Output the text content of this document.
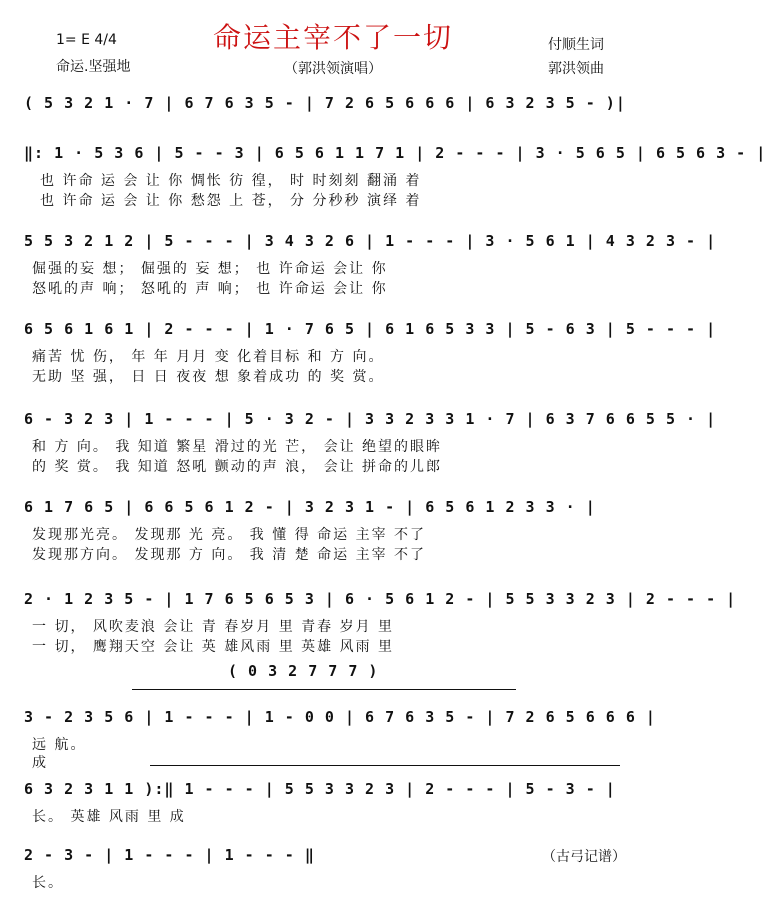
命运主宰不了一切
1= E 4/4
命运.坚强地	（郭洪领演唱）
付顺生词
郭洪领曲
( 5 3 2 1 · 7 | 6 7 6 3 5 - | 7 2 6 5 6 6 6 | 6 3 2 3 5 - )|
‖: 1 · 5 3 6 | 5 - - 3 | 6 5 6 1 1 7 1 | 2 - - - | 3 · 5 6 5 | 6 5 6 3 - |
也 许命 运 会 让 你 惆怅 彷 徨， 时 时刻刻 翻涌 着
也 许命 运 会 让 你 愁怨 上 苍， 分 分秒秒 演绎 着
5 5 3 2 1 2 | 5 - - - | 3 4 3 2 6 | 1 - - - | 3 · 5 6 1 | 4 3 2 3 - |
倔强的妄 想； 倔强的 妄 想； 也 许命运 会让 你
怒吼的声 响； 怒吼的 声 响； 也 许命运 会让 你
6 5 6 1 6 1 | 2 - - - | 1 · 7 6 5 | 6 1 6 5 3 3 | 5 - 6 3 | 5 - - - |
痛苦 忧 伤， 年 年 月月 变 化着目标 和 方 向。
无助 坚 强， 日 日 夜夜 想 象着成功 的 奖 赏。
6 - 3 2 3 | 1 - - - | 5 · 3 2 - | 3 3 2 3 3 1 · 7 | 6 3 7 6 6 5 5 · |
和 方 向。 我 知道 繁星 滑过的光 芒， 会让 绝望的眼眸
的 奖 赏。 我 知道 怒吼 颤动的声 浪， 会让 拼命的儿郎
6 1 7 6 5 | 6 6 5 6 1 2 - | 3 2 3 1 - | 6 5 6 1 2 3 3 · |
发现那光亮。 发现那 光 亮。 我 懂 得 命运 主宰 不了
发现那方向。 发现那 方 向。 我 清 楚 命运 主宰 不了
2 · 1 2 3 5 - | 1 7 6 5 6 5 3 | 6 · 5 6 1 2 - | 5 5 3 3 2 3 | 2 - - - |
一 切， 风吹麦浪 会让 青 春岁月 里 青春 岁月 里
一 切， 鹰翔天空 会让 英 雄风雨 里 英雄 风雨 里
( 0 3 2 7 7 7 )
3 - 2 3 5 6 | 1 - - - | 1 - 0 0 | 6 7 6 3 5 - | 7 2 6 5 6 6 6 |
远 航。
成
6 3 2 3 1 1 ):‖ 1 - - - | 5 5 3 3 2 3 | 2 - - - | 5 - 3 - |
长。 英雄 风雨 里 成
2 - 3 - | 1 - - - | 1 - - - ‖
长。
（古弓记谱）
